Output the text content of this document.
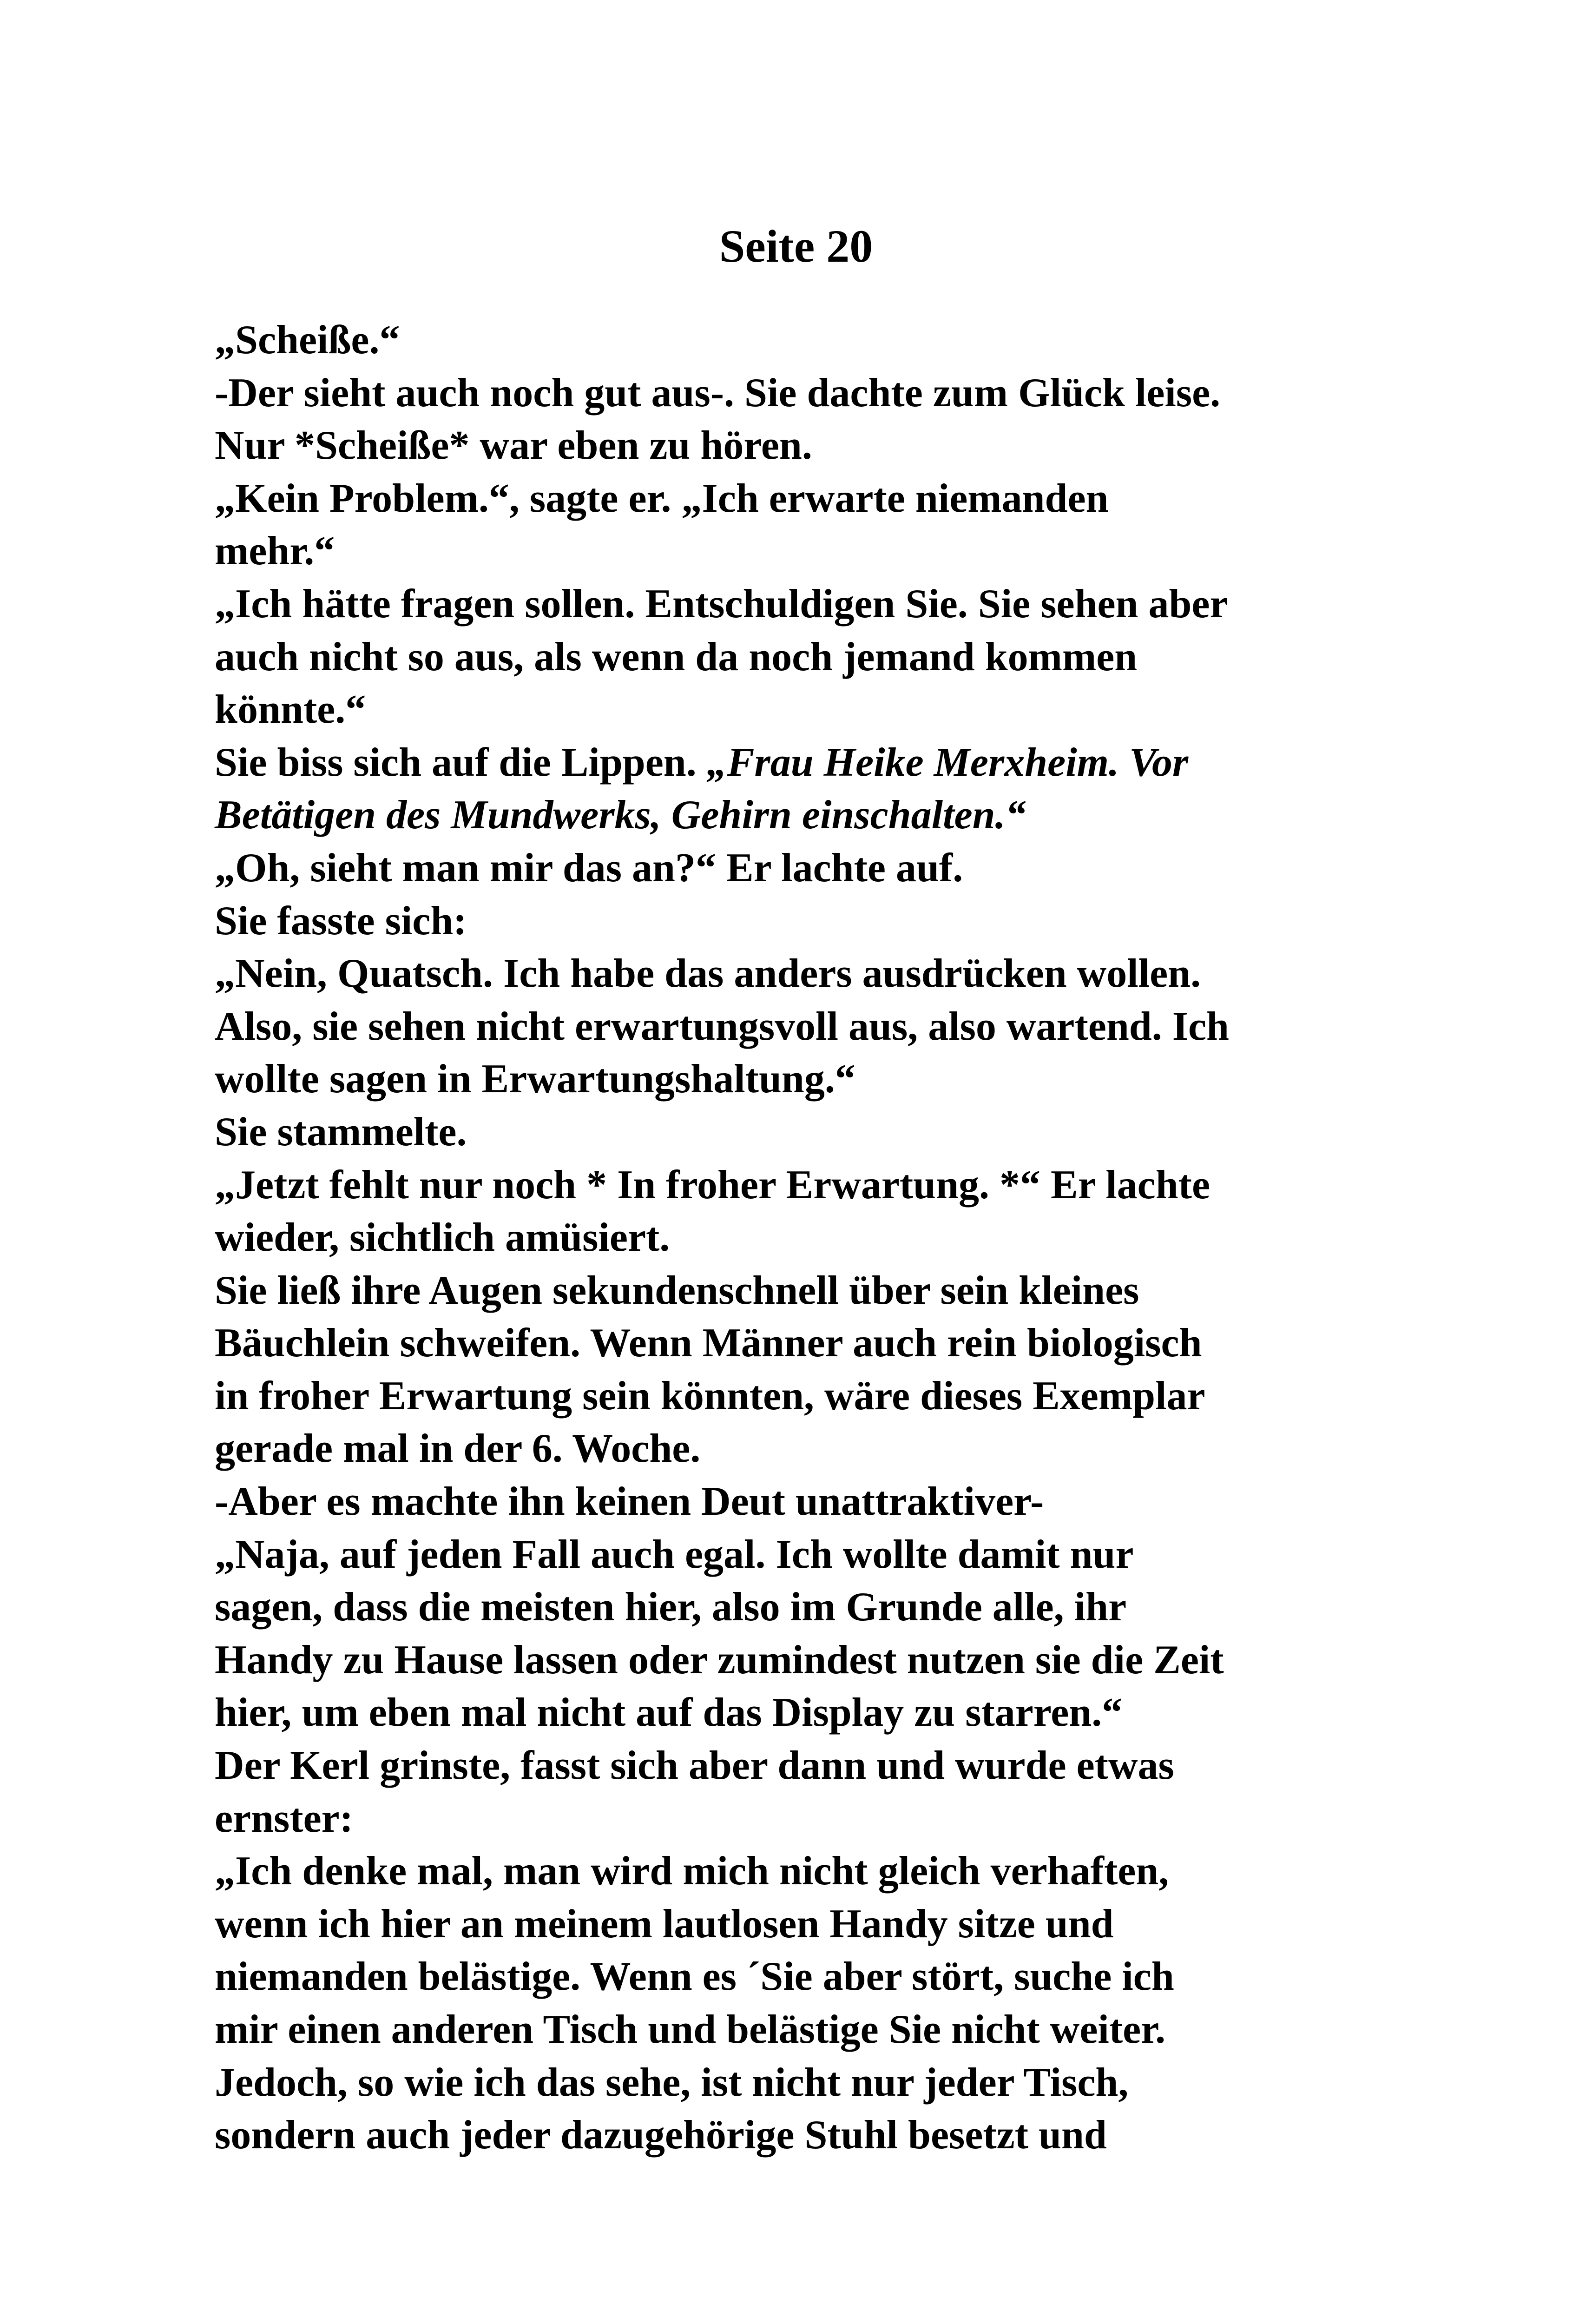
Seite 20
„Scheiße.“
-Der sieht auch noch gut aus-. Sie dachte zum Glück leise.
Nur *Scheiße* war eben zu hören.
„Kein Problem.“, sagte er. „Ich erwarte niemanden
mehr.“
„Ich hätte fragen sollen. Entschuldigen Sie. Sie sehen aber
auch nicht so aus, als wenn da noch jemand kommen
könnte.“
Sie biss sich auf die Lippen. „Frau Heike Merxheim. Vor
Betätigen des Mundwerks, Gehirn einschalten.“
„Oh, sieht man mir das an?“ Er lachte auf.
Sie fasste sich:
„Nein, Quatsch. Ich habe das anders ausdrücken wollen.
Also, sie sehen nicht erwartungsvoll aus, also wartend. Ich
wollte sagen in Erwartungshaltung.“
Sie stammelte.
„Jetzt fehlt nur noch * In froher Erwartung. *“ Er lachte
wieder, sichtlich amüsiert.
Sie ließ ihre Augen sekundenschnell über sein kleines
Bäuchlein schweifen. Wenn Männer auch rein biologisch
in froher Erwartung sein könnten, wäre dieses Exemplar
gerade mal in der 6. Woche.
-Aber es machte ihn keinen Deut unattraktiver-
„Naja, auf jeden Fall auch egal. Ich wollte damit nur
sagen, dass die meisten hier, also im Grunde alle, ihr
Handy zu Hause lassen oder zumindest nutzen sie die Zeit
hier, um eben mal nicht auf das Display zu starren.“
Der Kerl grinste, fasst sich aber dann und wurde etwas
ernster:
„Ich denke mal, man wird mich nicht gleich verhaften,
wenn ich hier an meinem lautlosen Handy sitze und
niemanden belästige. Wenn es ´Sie aber stört, suche ich
mir einen anderen Tisch und belästige Sie nicht weiter.
Jedoch, so wie ich das sehe, ist nicht nur jeder Tisch,
sondern auch jeder dazugehörige Stuhl besetzt und
